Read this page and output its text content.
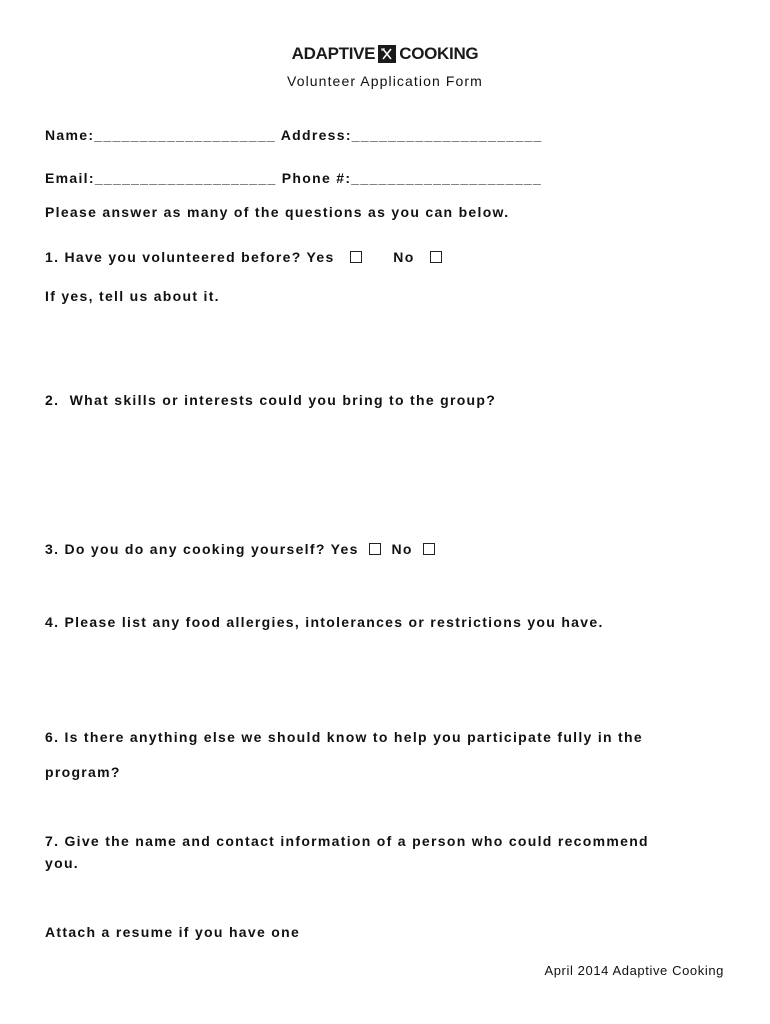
ADAPTIVE COOKING
Volunteer Application Form
Name:____________________ Address:_____________________
Email:____________________ Phone #:_____________________
Please answer as many of the questions as you can below.
1. Have you volunteered before? Yes	No
If yes, tell us about it.
2.  What skills or interests could you bring to the group?
3. Do you do any cooking yourself? Yes No
4. Please list any food allergies, intolerances or restrictions you have.
6. Is there anything else we should know to help you participate fully in the
program?
7. Give the name and contact information of a person who could recommend
you.
Attach a resume if you have one
April 2014 Adaptive Cooking
